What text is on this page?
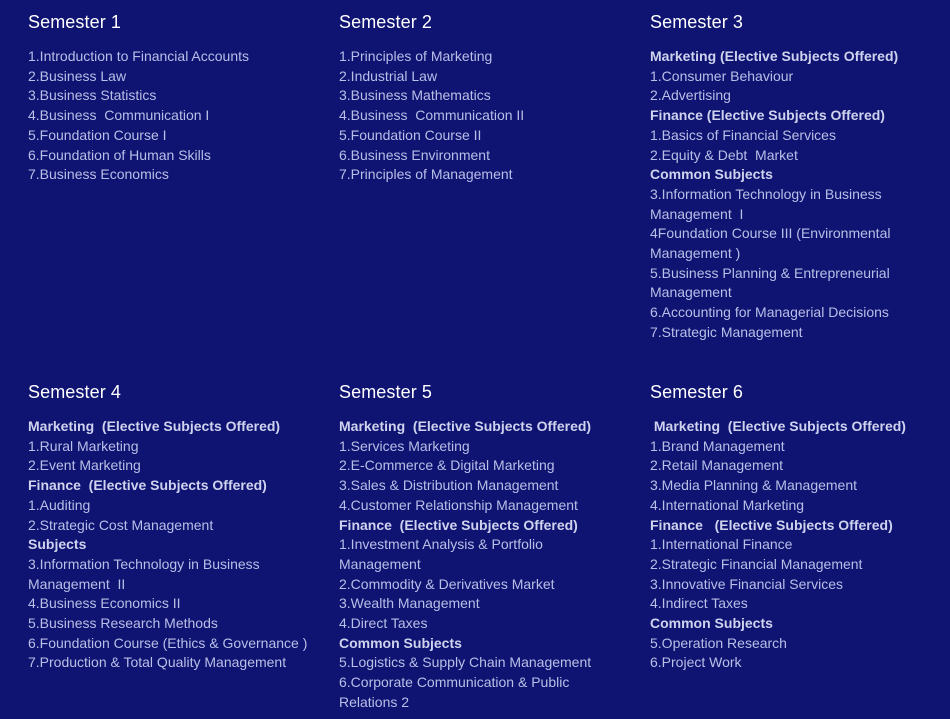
Semester 1
1.Introduction to Financial Accounts
2.Business Law
3.Business Statistics
4.Business  Communication I
5.Foundation Course I
6.Foundation of Human Skills
7.Business Economics
Semester 2
1.Principles of Marketing
2.Industrial Law
3.Business Mathematics
4.Business  Communication II
5.Foundation Course II
6.Business Environment
7.Principles of Management
Semester 3
Marketing (Elective Subjects Offered)
1.Consumer Behaviour
2.Advertising
Finance (Elective Subjects Offered)
1.Basics of Financial Services
2.Equity & Debt  Market
Common Subjects
3.Information Technology in Business
Management  I
4Foundation Course III (Environmental
Management )
5.Business Planning & Entrepreneurial
Management
6.Accounting for Managerial Decisions
7.Strategic Management
Semester 4
Marketing  (Elective Subjects Offered)
1.Rural Marketing
2.Event Marketing
Finance  (Elective Subjects Offered)
1.Auditing
2.Strategic Cost Management
Subjects
3.Information Technology in Business
Management  II
4.Business Economics II
5.Business Research Methods
6.Foundation Course (Ethics & Governance )
7.Production & Total Quality Management
Semester 5
Marketing  (Elective Subjects Offered)
1.Services Marketing
2.E-Commerce & Digital Marketing
3.Sales & Distribution Management
4.Customer Relationship Management
Finance  (Elective Subjects Offered)
1.Investment Analysis & Portfolio
Management
2.Commodity & Derivatives Market
3.Wealth Management
4.Direct Taxes
Common Subjects
5.Logistics & Supply Chain Management
6.Corporate Communication & Public
Relations 2
Semester 6
Marketing  (Elective Subjects Offered)
1.Brand Management
2.Retail Management
3.Media Planning & Management
4.International Marketing
Finance   (Elective Subjects Offered)
1.International Finance
2.Strategic Financial Management
3.Innovative Financial Services
4.Indirect Taxes
Common Subjects
5.Operation Research
6.Project Work
